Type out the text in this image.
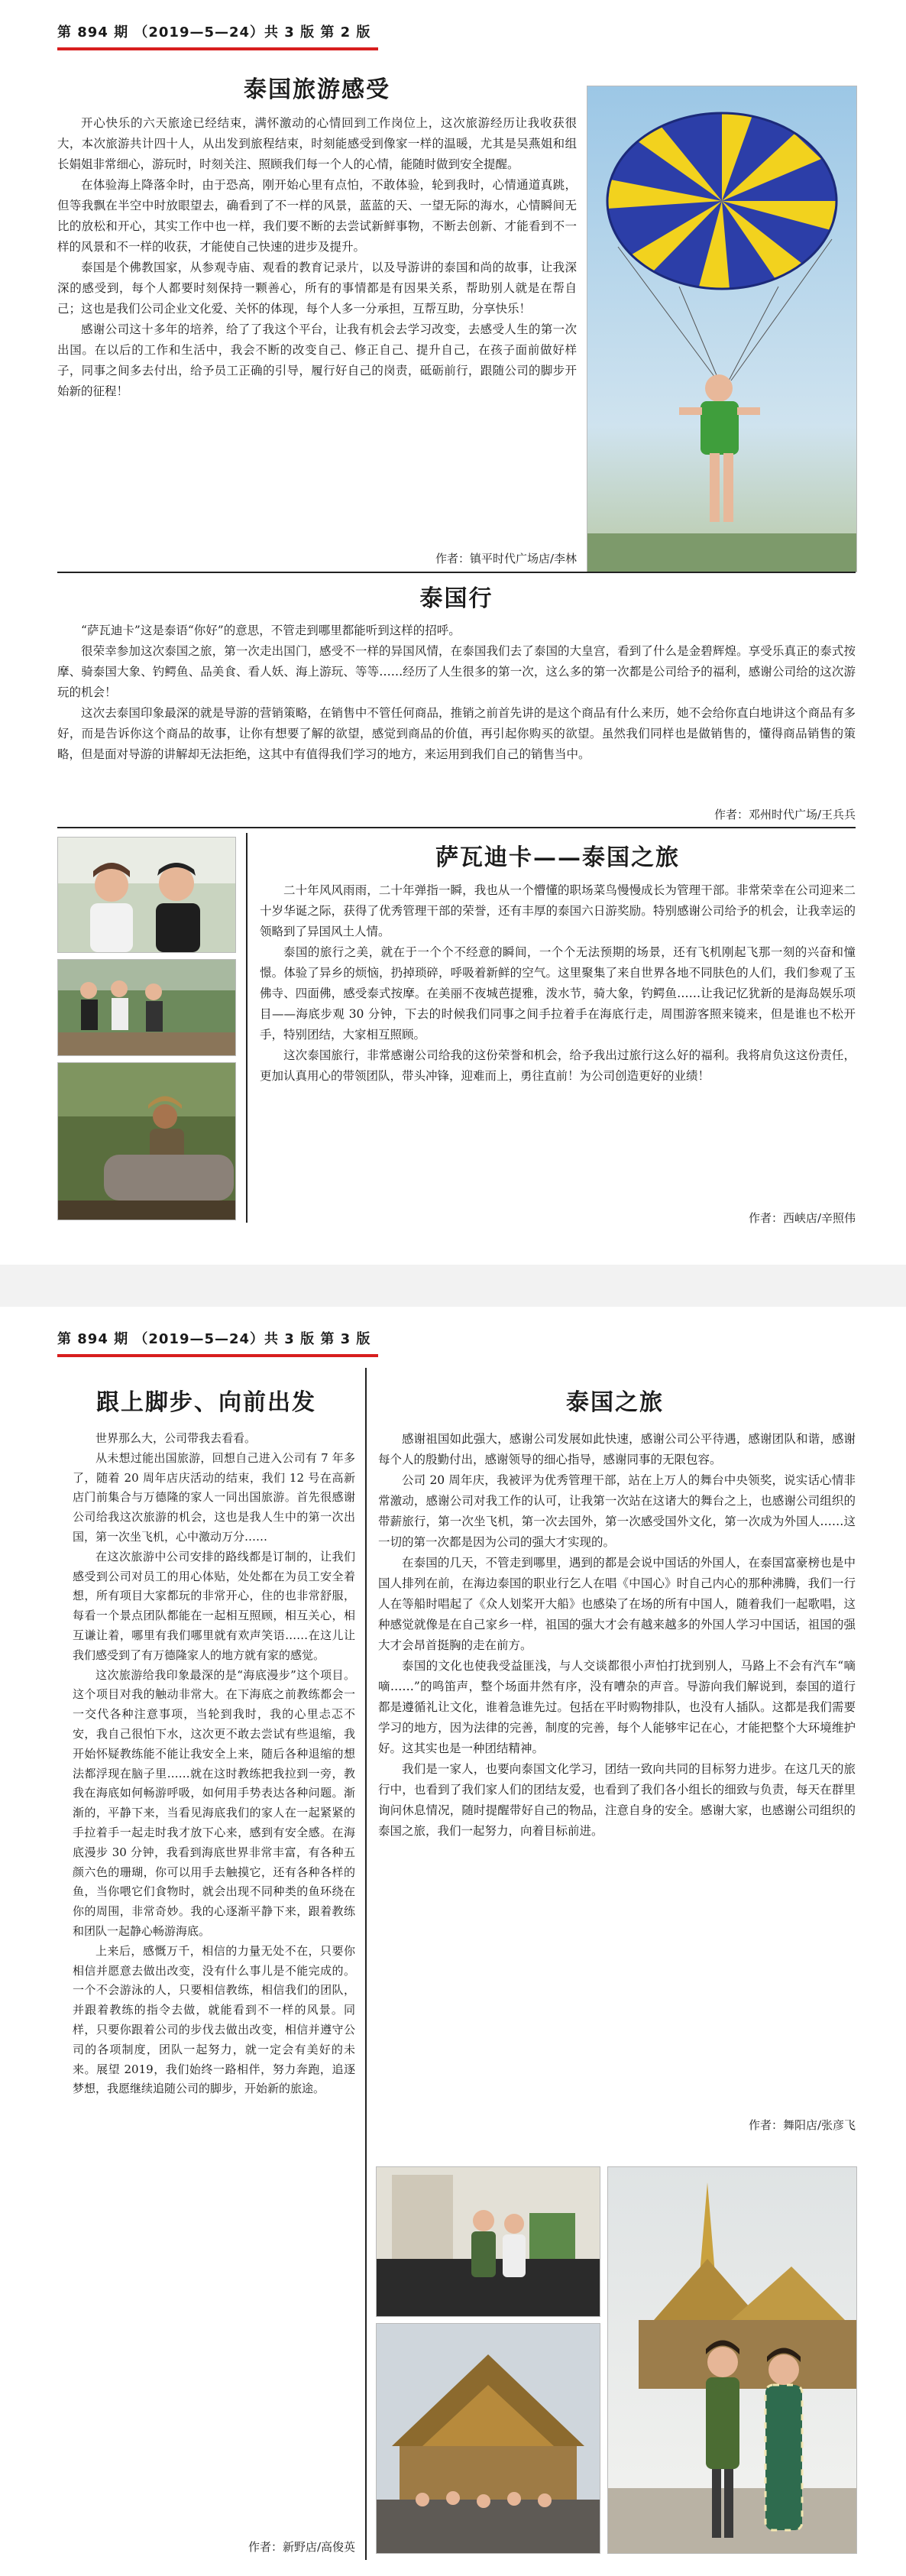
第 894 期 （2019—5—24）共 3 版 第 2 版
泰国旅游感受

开心快乐的六天旅途已经结束，满怀激动的心情回到工作岗位上，这次旅游经历让我收获很大，本次旅游共计四十人，从出发到旅程结束，时刻能感受到像家一样的温暖，尤其是吴燕姐和组长娟姐非常细心，游玩时，时刻关注、照顾我们每一个人的心情，能随时做到安全提醒。

在体验海上降落伞时，由于恐高，刚开始心里有点怕，不敢体验，轮到我时，心情通道真跳，但等我飘在半空中时放眼望去，确看到了不一样的风景，蓝蓝的天、一望无际的海水，心情瞬间无比的放松和开心，其实工作中也一样，我们要不断的去尝试新鲜事物，不断去创新、才能看到不一样的风景和不一样的收获，才能使自己快速的进步及提升。

泰国是个佛教国家，从参观寺庙、观看的教育记录片，以及导游讲的泰国和尚的故事，让我深深的感受到，每个人都要时刻保持一颗善心，所有的事情都是有因果关系，帮助别人就是在帮自己；这也是我们公司企业文化爱、关怀的体现，每个人多一分承担，互帮互助，分享快乐！

感谢公司这十多年的培养，给了了我这个平台，让我有机会去学习改变，去感受人生的第一次出国。在以后的工作和生活中，我会不断的改变自己、修正自己、提升自己，在孩子面前做好样子，同事之间多去付出，给予员工正确的引导，履行好自己的岗责，砥砺前行，跟随公司的脚步开始新的征程！

作者：镇平时代广场店/李林
泰国行

“萨瓦迪卡”这是泰语“你好”的意思，不管走到哪里都能听到这样的招呼。

很荣幸参加这次泰国之旅，第一次走出国门，感受不一样的异国风情，在泰国我们去了泰国的大皇宫，看到了什么是金碧辉煌。享受乐真正的泰式按摩、骑泰国大象、钓鳄鱼、品美食、看人妖、海上游玩、等等……经历了人生很多的第一次，这么多的第一次都是公司给予的福利，感谢公司给的这次游玩的机会！

这次去泰国印象最深的就是导游的营销策略，在销售中不管任何商品，推销之前首先讲的是这个商品有什么来历，她不会给你直白地讲这个商品有多好，而是告诉你这个商品的故事，让你有想要了解的欲望，感觉到商品的价值，再引起你购买的欲望。虽然我们同样也是做销售的，懂得商品销售的策略，但是面对导游的讲解却无法拒绝，这其中有值得我们学习的地方，来运用到我们自己的销售当中。

作者：邓州时代广场/王兵兵
萨瓦迪卡——泰国之旅

二十年风风雨雨，二十年弹指一瞬，我也从一个懵懂的职场菜鸟慢慢成长为管理干部。非常荣幸在公司迎来二十岁华诞之际，获得了优秀管理干部的荣誉，还有丰厚的泰国六日游奖励。特别感谢公司给予的机会，让我幸运的领略到了异国风土人情。

泰国的旅行之美，就在于一个个不经意的瞬间，一个个无法预期的场景，还有飞机刚起飞那一刻的兴奋和憧憬。体验了异乡的烦恼，扔掉琐碎，呼吸着新鲜的空气。这里聚集了来自世界各地不同肤色的人们，我们参观了玉佛寺、四面佛，感受泰式按摩。在美丽不夜城芭提雅，泼水节，骑大象，钓鳄鱼……让我记忆犹新的是海岛娱乐项目——海底步观 30 分钟，下去的时候我们同事之间手拉着手在海底行走，周围游客照来镜来，但是谁也不松开手，特别团结，大家相互照顾。

这次泰国旅行，非常感谢公司给我的这份荣誉和机会，给予我出过旅行这么好的福利。我将肩负这这份责任，更加认真用心的带领团队，带头冲锋，迎难而上，勇往直前！为公司创造更好的业绩！

作者：西峡店/辛照伟
第 894 期 （2019—5—24）共 3 版 第 3 版
跟上脚步、向前出发

世界那么大，公司带我去看看。

从未想过能出国旅游，回想自己进入公司有 7 年多了，随着 20 周年店庆活动的结束，我们 12 号在高新店门前集合与万德隆的家人一同出国旅游。首先很感谢公司给我这次旅游的机会，这也是我人生中的第一次出国，第一次坐飞机，心中激动万分……

在这次旅游中公司安排的路线都是订制的，让我们感受到公司对员工的用心体贴，处处都在为员工安全着想，所有项目大家都玩的非常开心，住的也非常舒服，每看一个景点团队都能在一起相互照顾，相互关心，相互谦让着，哪里有我们哪里就有欢声笑语……在这儿让我们感受到了有万德隆家人的地方就有家的感觉。

这次旅游给我印象最深的是“海底漫步”这个项目。这个项目对我的触动非常大。在下海底之前教练都会一一交代各种注意事项，当轮到我时，我的心里忐忑不安，我自己很怕下水，这次更不敢去尝试有些退缩，我开始怀疑教练能不能让我安全上来，随后各种退缩的想法都浮现在脑子里……就在这时教练把我拉到一旁，教我在海底如何畅游呼吸，如何用手势表达各种问题。渐渐的，平静下来，当看见海底我们的家人在一起紧紧的手拉着手一起走时我才放下心来，感到有安全感。在海底漫步 30 分钟，我看到海底世界非常丰富，有各种五颜六色的珊瑚，你可以用手去触摸它，还有各种各样的鱼，当你喂它们食物时，就会出现不同种类的鱼环绕在你的周围，非常奇妙。我的心逐渐平静下来，跟着教练和团队一起静心畅游海底。

上来后，感慨万千，相信的力量无处不在，只要你相信并愿意去做出改变，没有什么事儿是不能完成的。一个不会游泳的人，只要相信教练，相信我们的团队，并跟着教练的指令去做，就能看到不一样的风景。同样，只要你跟着公司的步伐去做出改变，相信并遵守公司的各项制度，团队一起努力，就一定会有美好的未来。展望 2019，我们始终一路相伴，努力奔跑，追逐梦想，我愿继续追随公司的脚步，开始新的旅途。

作者：新野店/高俊英
泰国之旅

感谢祖国如此强大，感谢公司发展如此快速，感谢公司公平待遇，感谢团队和谐，感谢每个人的殷勤付出，感谢领导的细心指导，感谢同事的无限包容。

公司 20 周年庆，我被评为优秀管理干部，站在上万人的舞台中央领奖，说实话心情非常激动，感谢公司对我工作的认可，让我第一次站在这诸大的舞台之上，也感谢公司组织的带薪旅行，第一次坐飞机，第一次去国外，第一次感受国外文化，第一次成为外国人……这一切的第一次都是因为公司的强大才实现的。

在泰国的几天，不管走到哪里，遇到的都是会说中国话的外国人，在泰国富豪榜也是中国人排列在前，在海边泰国的职业行乞人在唱《中国心》时自己内心的那种沸腾，我们一行人在等船时唱起了《众人划桨开大船》也感染了在场的所有中国人，随着我们一起歌唱，这种感觉就像是在自己家乡一样，祖国的强大才会有越来越多的外国人学习中国话，祖国的强大才会昂首挺胸的走在前方。

泰国的文化也使我受益匪浅，与人交谈都很小声怕打扰到别人，马路上不会有汽车“嘀嘀……”的鸣笛声，整个场面井然有序，没有嘈杂的声音。导游向我们解说到，泰国的道行都是遵循礼让文化，谁着急谁先过。包括在平时购物排队，也没有人插队。这都是我们需要学习的地方，因为法律的完善，制度的完善，每个人能够牢记在心，才能把整个大环境维护好。这其实也是一种团结精神。

我们是一家人，也要向泰国文化学习，团结一致向共同的目标努力进步。在这几天的旅行中，也看到了我们家人们的团结友爱，也看到了我们各小组长的细致与负责，每天在群里询问休息情况，随时提醒带好自己的物品，注意自身的安全。感谢大家，也感谢公司组织的泰国之旅，我们一起努力，向着目标前进。

作者：舞阳店/张彦飞
